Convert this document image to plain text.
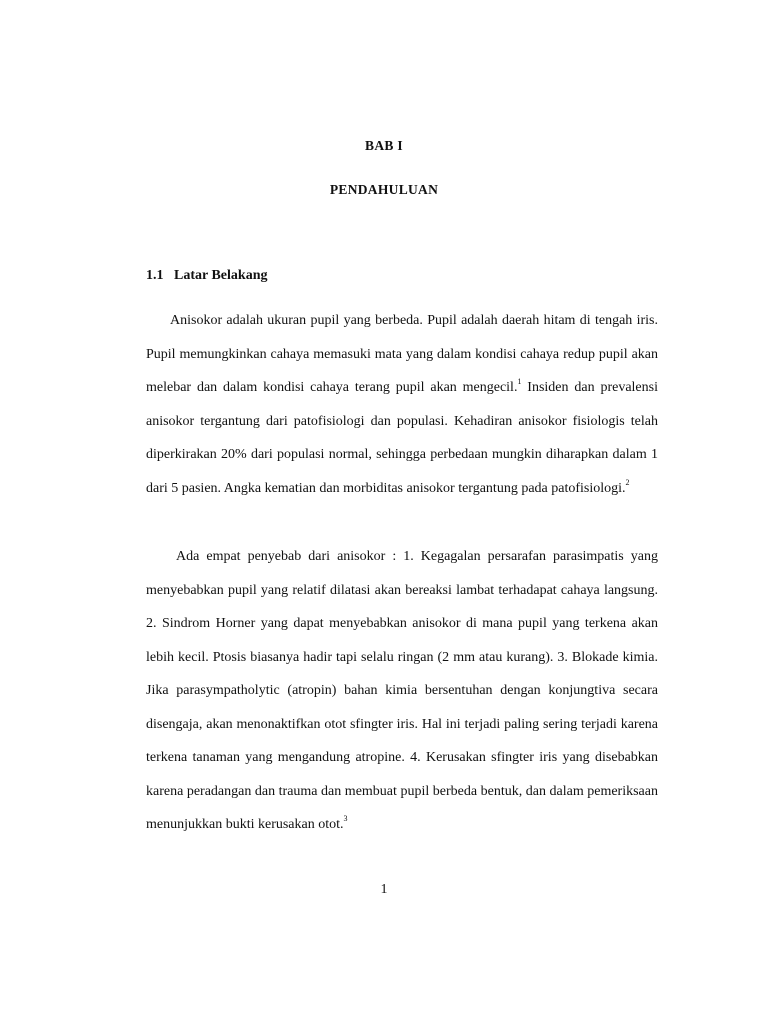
BAB I
PENDAHULUAN
1.1 Latar Belakang

Anisokor adalah ukuran pupil yang berbeda. Pupil adalah daerah hitam di tengah iris. Pupil memungkinkan cahaya memasuki mata yang dalam kondisi cahaya redup pupil akan melebar dan dalam kondisi cahaya terang pupil akan mengecil.$^1$ Insiden dan prevalensi anisokor tergantung dari patofisiologi dan populasi. Kehadiran anisokor fisiologis telah diperkirakan 20% dari populasi normal, sehingga perbedaan mungkin diharapkan dalam 1 dari 5 pasien. Angka kematian dan morbiditas anisokor tergantung pada patofisiologi.$^2$

Ada empat penyebab dari anisokor : 1. Kegagalan persarafan parasimpatis yang menyebabkan pupil yang relatif dilatasi akan bereaksi lambat terhadapat cahaya langsung. 2. Sindrom Horner yang dapat menyebabkan anisokor di mana pupil yang terkena akan lebih kecil. Ptosis biasanya hadir tapi selalu ringan (2 mm atau kurang). 3. Blokade kimia. Jika parasympatholytic (atropin) bahan kimia bersentuhan dengan konjungtiva secara disengaja, akan menonaktifkan otot sfingter iris. Hal ini terjadi paling sering terjadi karena terkena tanaman yang mengandung atropine. 4. Kerusakan sfingter iris yang disebabkan karena peradangan dan trauma dan membuat pupil berbeda bentuk, dan dalam pemeriksaan menunjukkan bukti kerusakan otot.$^3$

1
